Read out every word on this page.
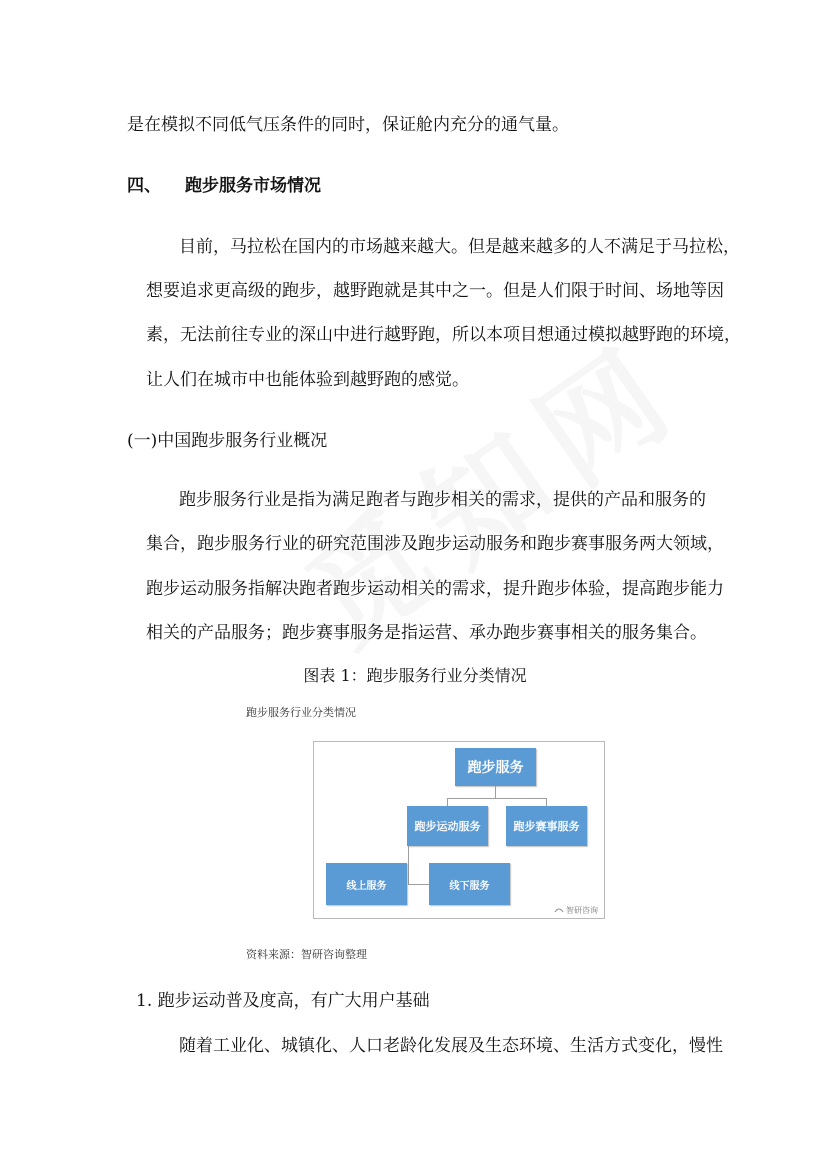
是在模拟不同低气压条件的同时，保证舱内充分的通气量。
四、 跑步服务市场情况
目前，马拉松在国内的市场越来越大。但是越来越多的人不满足于马拉松，
想要追求更高级的跑步，越野跑就是其中之一。但是人们限于时间、场地等因
素，无法前往专业的深山中进行越野跑，所以本项目想通过模拟越野跑的环境，
让人们在城市中也能体验到越野跑的感觉。
(一)中国跑步服务行业概况
跑步服务行业是指为满足跑者与跑步相关的需求，提供的产品和服务的
集合，跑步服务行业的研究范围涉及跑步运动服务和跑步赛事服务两大领域，
跑步运动服务指解决跑者跑步运动相关的需求，提升跑步体验，提高跑步能力
相关的产品服务；跑步赛事服务是指运营、承办跑步赛事相关的服务集合。
图表 1：跑步服务行业分类情况
跑步服务行业分类情况
跑步服务
跑步运动服务	跑步赛事服务
线上服务	线下服务
智研咨询
资料来源：智研咨询整理
1. 跑步运动普及度高，有广大用户基础
随着工业化、城镇化、人口老龄化发展及生态环境、生活方式变化，慢性
